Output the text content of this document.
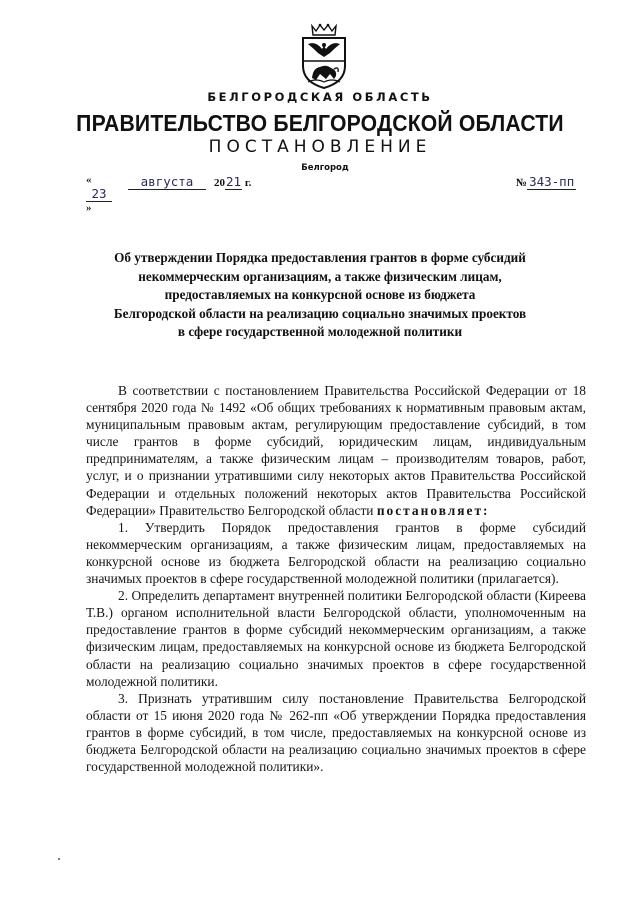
БЕЛГОРОДСКАЯ ОБЛАСТЬ
ПРАВИТЕЛЬСТВО БЕЛГОРОДСКОЙ ОБЛАСТИ
ПОСТАНОВЛЕНИЕ
Белгород
« 23 »
августа	2021 г.	№ 343-пп
Об утверждении Порядка предоставления грантов в форме субсидий
некоммерческим организациям, а также физическим лицам,
предоставляемых на конкурсной основе из бюджета
Белгородской области на реализацию социально значимых проектов
в сфере государственной молодежной политики

В соответствии с постановлением Правительства Российской Федерации от 18 сентября 2020 года № 1492 «Об общих требованиях к нормативным правовым актам, муниципальным правовым актам, регулирующим предоставление субсидий, в том числе грантов в форме субсидий, юридическим лицам, индивидуальным предпринимателям, а также физическим лицам – производителям товаров, работ, услуг, и о признании утратившими силу некоторых актов Правительства Российской Федерации и отдельных положений некоторых актов Правительства Российской Федерации» Правительство Белгородской области постановляет:

1. Утвердить Порядок предоставления грантов в форме субсидий некоммерческим организациям, а также физическим лицам, предоставляемых на конкурсной основе из бюджета Белгородской области на реализацию социально значимых проектов в сфере государственной молодежной политики (прилагается).

2. Определить департамент внутренней политики Белгородской области (Киреева Т.В.) органом исполнительной власти Белгородской области, уполномоченным на предоставление грантов в форме субсидий некоммерческим организациям, а также физическим лицам, предоставляемых на конкурсной основе из бюджета Белгородской области на реализацию социально значимых проектов в сфере государственной молодежной политики.

3. Признать утратившим силу постановление Правительства Белгородской области от 15 июня 2020 года № 262-пп «Об утверждении Порядка предоставления грантов в форме субсидий, в том числе, предоставляемых на конкурсной основе из бюджета Белгородской области на реализацию социально значимых проектов в сфере государственной молодежной политики».
